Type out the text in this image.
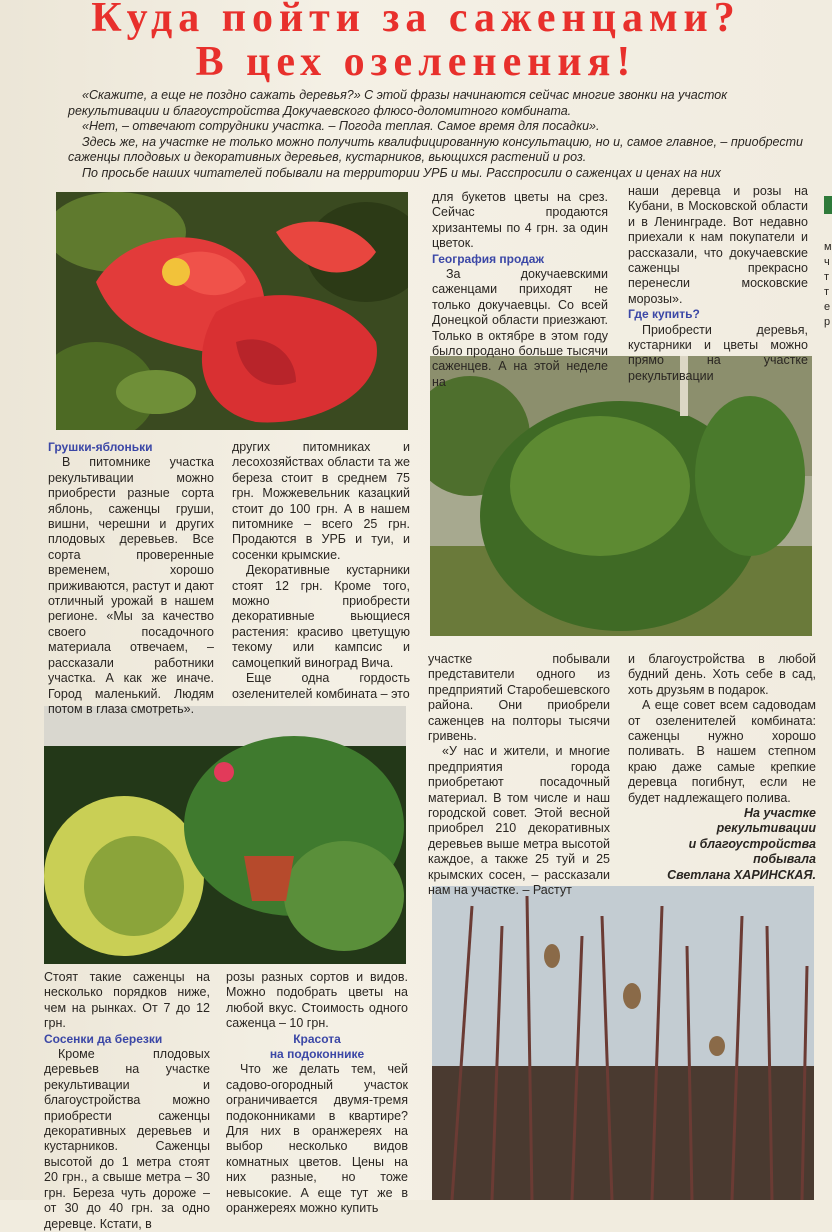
Куда пойти за саженцами?
В цех озеленения!

«Скажите, а еще не поздно сажать деревья?» С этой фразы начинаются сейчас многие звонки на участок рекультивации и благоустройства Докучаевского флюсо-доломитного комбината.

«Нет, – отвечают сотрудники участка. – Погода теплая. Самое время для посадки».

Здесь же, на участке не только можно получить квалифицированную консультацию, но и, самое главное, – приобрести саженцы плодовых и декоративных деревьев, кустарников, вьющихся растений и роз.

По просьбе наших читателей побывали на территории УРБ и мы. Расспросили о саженцах и ценах на них

для букетов цветы на срез. Сейчас продаются хризантемы по 4 грн. за один цветок.

География продаж

За докучаевскими саженцами приходят не только докучаевцы. Со всей Донецкой области приезжают. Только в октябре в этом году было продано больше тысячи саженцев. А на этой неделе на

наши деревца и розы на Кубани, в Московской области и в Ленинграде. Вот недавно приехали к нам покупатели и рассказали, что докучаевские саженцы прекрасно перенесли московские морозы».

Где купить?

Приобрести деревья, кустарники и цветы можно прямо на участке рекультивации

Грушки-яблоньки

В питомнике участка рекультивации можно приобрести разные сорта яблонь, саженцы груши, вишни, черешни и других плодовых деревьев. Все сорта проверенные временем, хорошо приживаются, растут и дают отличный урожай в нашем регионе. «Мы за качество своего посадочного материала отвечаем, – рассказали работники участка. А как же иначе. Город маленький. Людям потом в глаза смотреть».

других питомниках и лесохозяйствах области та же береза стоит в среднем 75 грн. Можжевельник казацкий стоит до 100 грн. А в нашем питомнике – всего 25 грн. Продаются в УРБ и туи, и сосенки крымские.

Декоративные кустарники стоят 12 грн. Кроме того, можно приобрести декоративные вьющиеся растения: красиво цветущую текому или кампсис и самоцепкий виноград Вича.

Еще одна гордость озеленителей комбината – это

участке побывали представители одного из предприятий Старобешевского района. Они приобрели саженцев на полторы тысячи гривень.

«У нас и жители, и многие предприятия города приобретают посадочный материал. В том числе и наш городской совет. Этой весной приобрел 210 декоративных деревьев выше метра высотой каждое, а также 25 туй и 25 крымских сосен, – рассказали нам на участке. – Растут

и благоустройства в любой будний день. Хоть себе в сад, хоть друзьям в подарок.

А еще совет всем садоводам от озеленителей комбината: саженцы нужно хорошо поливать. В нашем степном краю даже самые крепкие деревца погибнут, если не будет надлежащего полива.

На участке

рекультивации

и благоустройства

побывала

Светлана ХАРИНСКАЯ.

Стоят такие саженцы на несколько порядков ниже, чем на рынках. От 7 до 12 грн.

Сосенки да березки

Кроме плодовых деревьев на участке рекультивации и благоустройства можно приобрести саженцы декоративных деревьев и кустарников. Саженцы высотой до 1 метра стоят 20 грн., а свыше метра – 30 грн. Береза чуть дороже – от 30 до 40 грн. за одно деревце. Кстати, в

розы разных сортов и видов. Можно подобрать цветы на любой вкус. Стоимость одного саженца – 10 грн.

Красота

на подоконнике

Что же делать тем, чей садово-огородный участок ограничивается двумя-тремя подоконниками в квартире? Для них в оранжереях на выбор несколько видов комнатных цветов. Цены на них разные, но тоже невысокие. А еще тут же в оранжереях можно купить

м ч т т е р
